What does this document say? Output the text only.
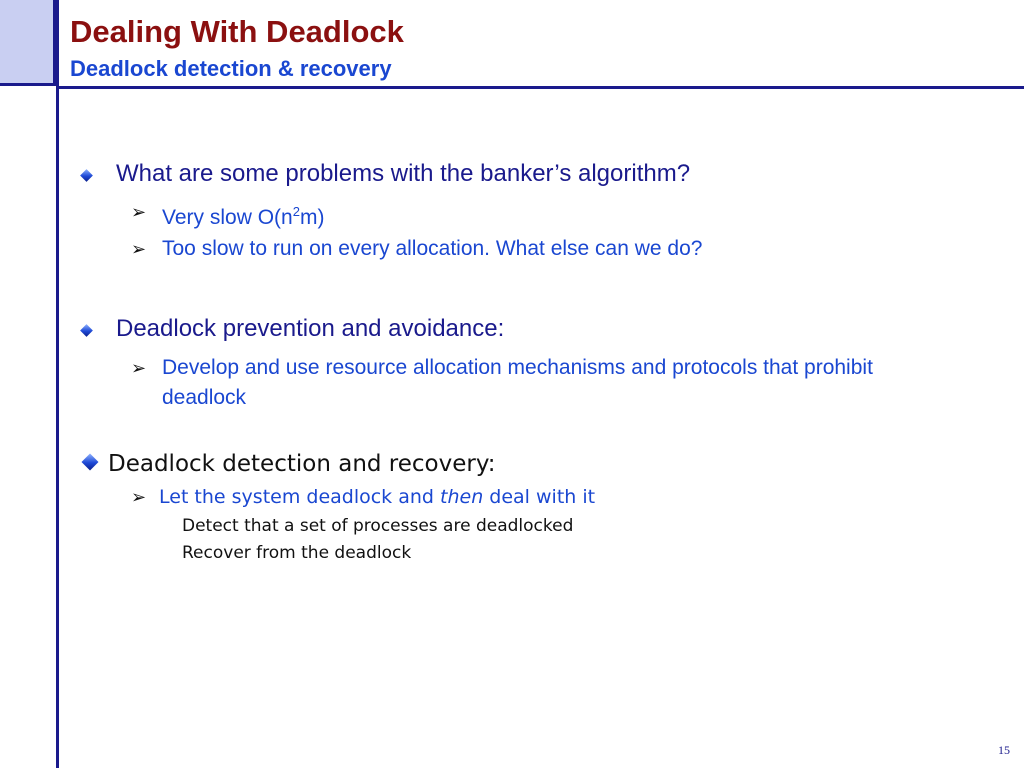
Dealing With Deadlock
Deadlock detection & recovery
What are some problems with the banker’s algorithm?
➢ Very slow $O(n^2m)$
➢ Too slow to run on every allocation. What else can we do?
Deadlock prevention and avoidance:
➢ Develop and use resource allocation mechanisms and protocols that prohibit deadlock
Deadlock detection and recovery:
➢ Let the system deadlock and then deal with it
Detect that a set of processes are deadlocked
Recover from the deadlock
15
